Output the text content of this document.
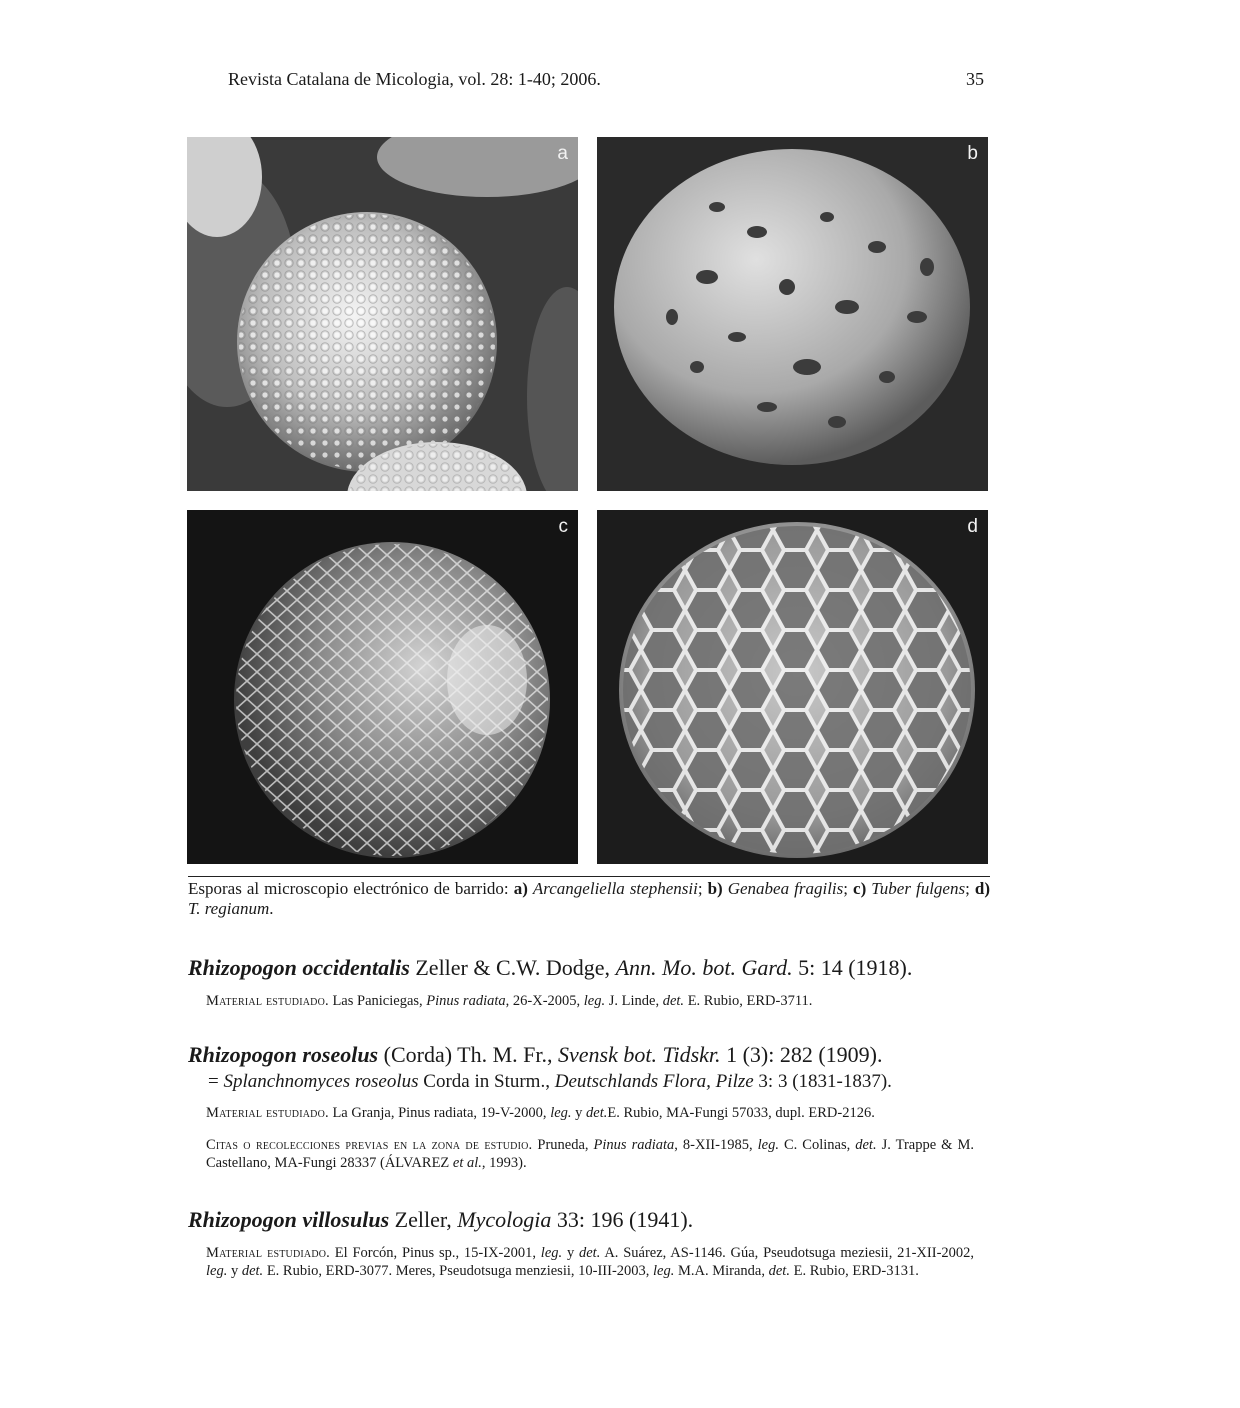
Revista Catalana de Micologia, vol. 28: 1-40; 2006.	35
a	b
c	d
Esporas al microscopio electrónico de barrido: a) Arcangeliella stephensii; b) Genabea fragilis; c) Tuber fulgens; d) T. regianum.
Rhizopogon occidentalis Zeller & C.W. Dodge, Ann. Mo. bot. Gard. 5: 14 (1918).
Material estudiado. Las Paniciegas, Pinus radiata, 26-X-2005, leg. J. Linde, det. E. Rubio, ERD-3711.
Rhizopogon roseolus (Corda) Th. M. Fr., Svensk bot. Tidskr. 1 (3): 282 (1909).
= Splanchnomyces roseolus Corda in Sturm., Deutschlands Flora, Pilze 3: 3 (1831-1837).
Material estudiado. La Granja, Pinus radiata, 19-V-2000, leg. y det.E. Rubio, MA-Fungi 57033, dupl. ERD-2126.
Citas o recolecciones previas en la zona de estudio. Pruneda, Pinus radiata, 8-XII-1985, leg. C. Colinas, det. J. Trappe & M. Castellano, MA-Fungi 28337 (ÁLVAREZ et al., 1993).
Rhizopogon villosulus Zeller, Mycologia 33: 196 (1941).
Material estudiado. El Forcón, Pinus sp., 15-IX-2001, leg. y det. A. Suárez, AS-1146. Gúa, Pseudotsuga meziesii, 21-XII-2002, leg. y det. E. Rubio, ERD-3077. Meres, Pseudotsuga menziesii, 10-III-2003, leg. M.A. Miranda, det. E. Rubio, ERD-3131.
